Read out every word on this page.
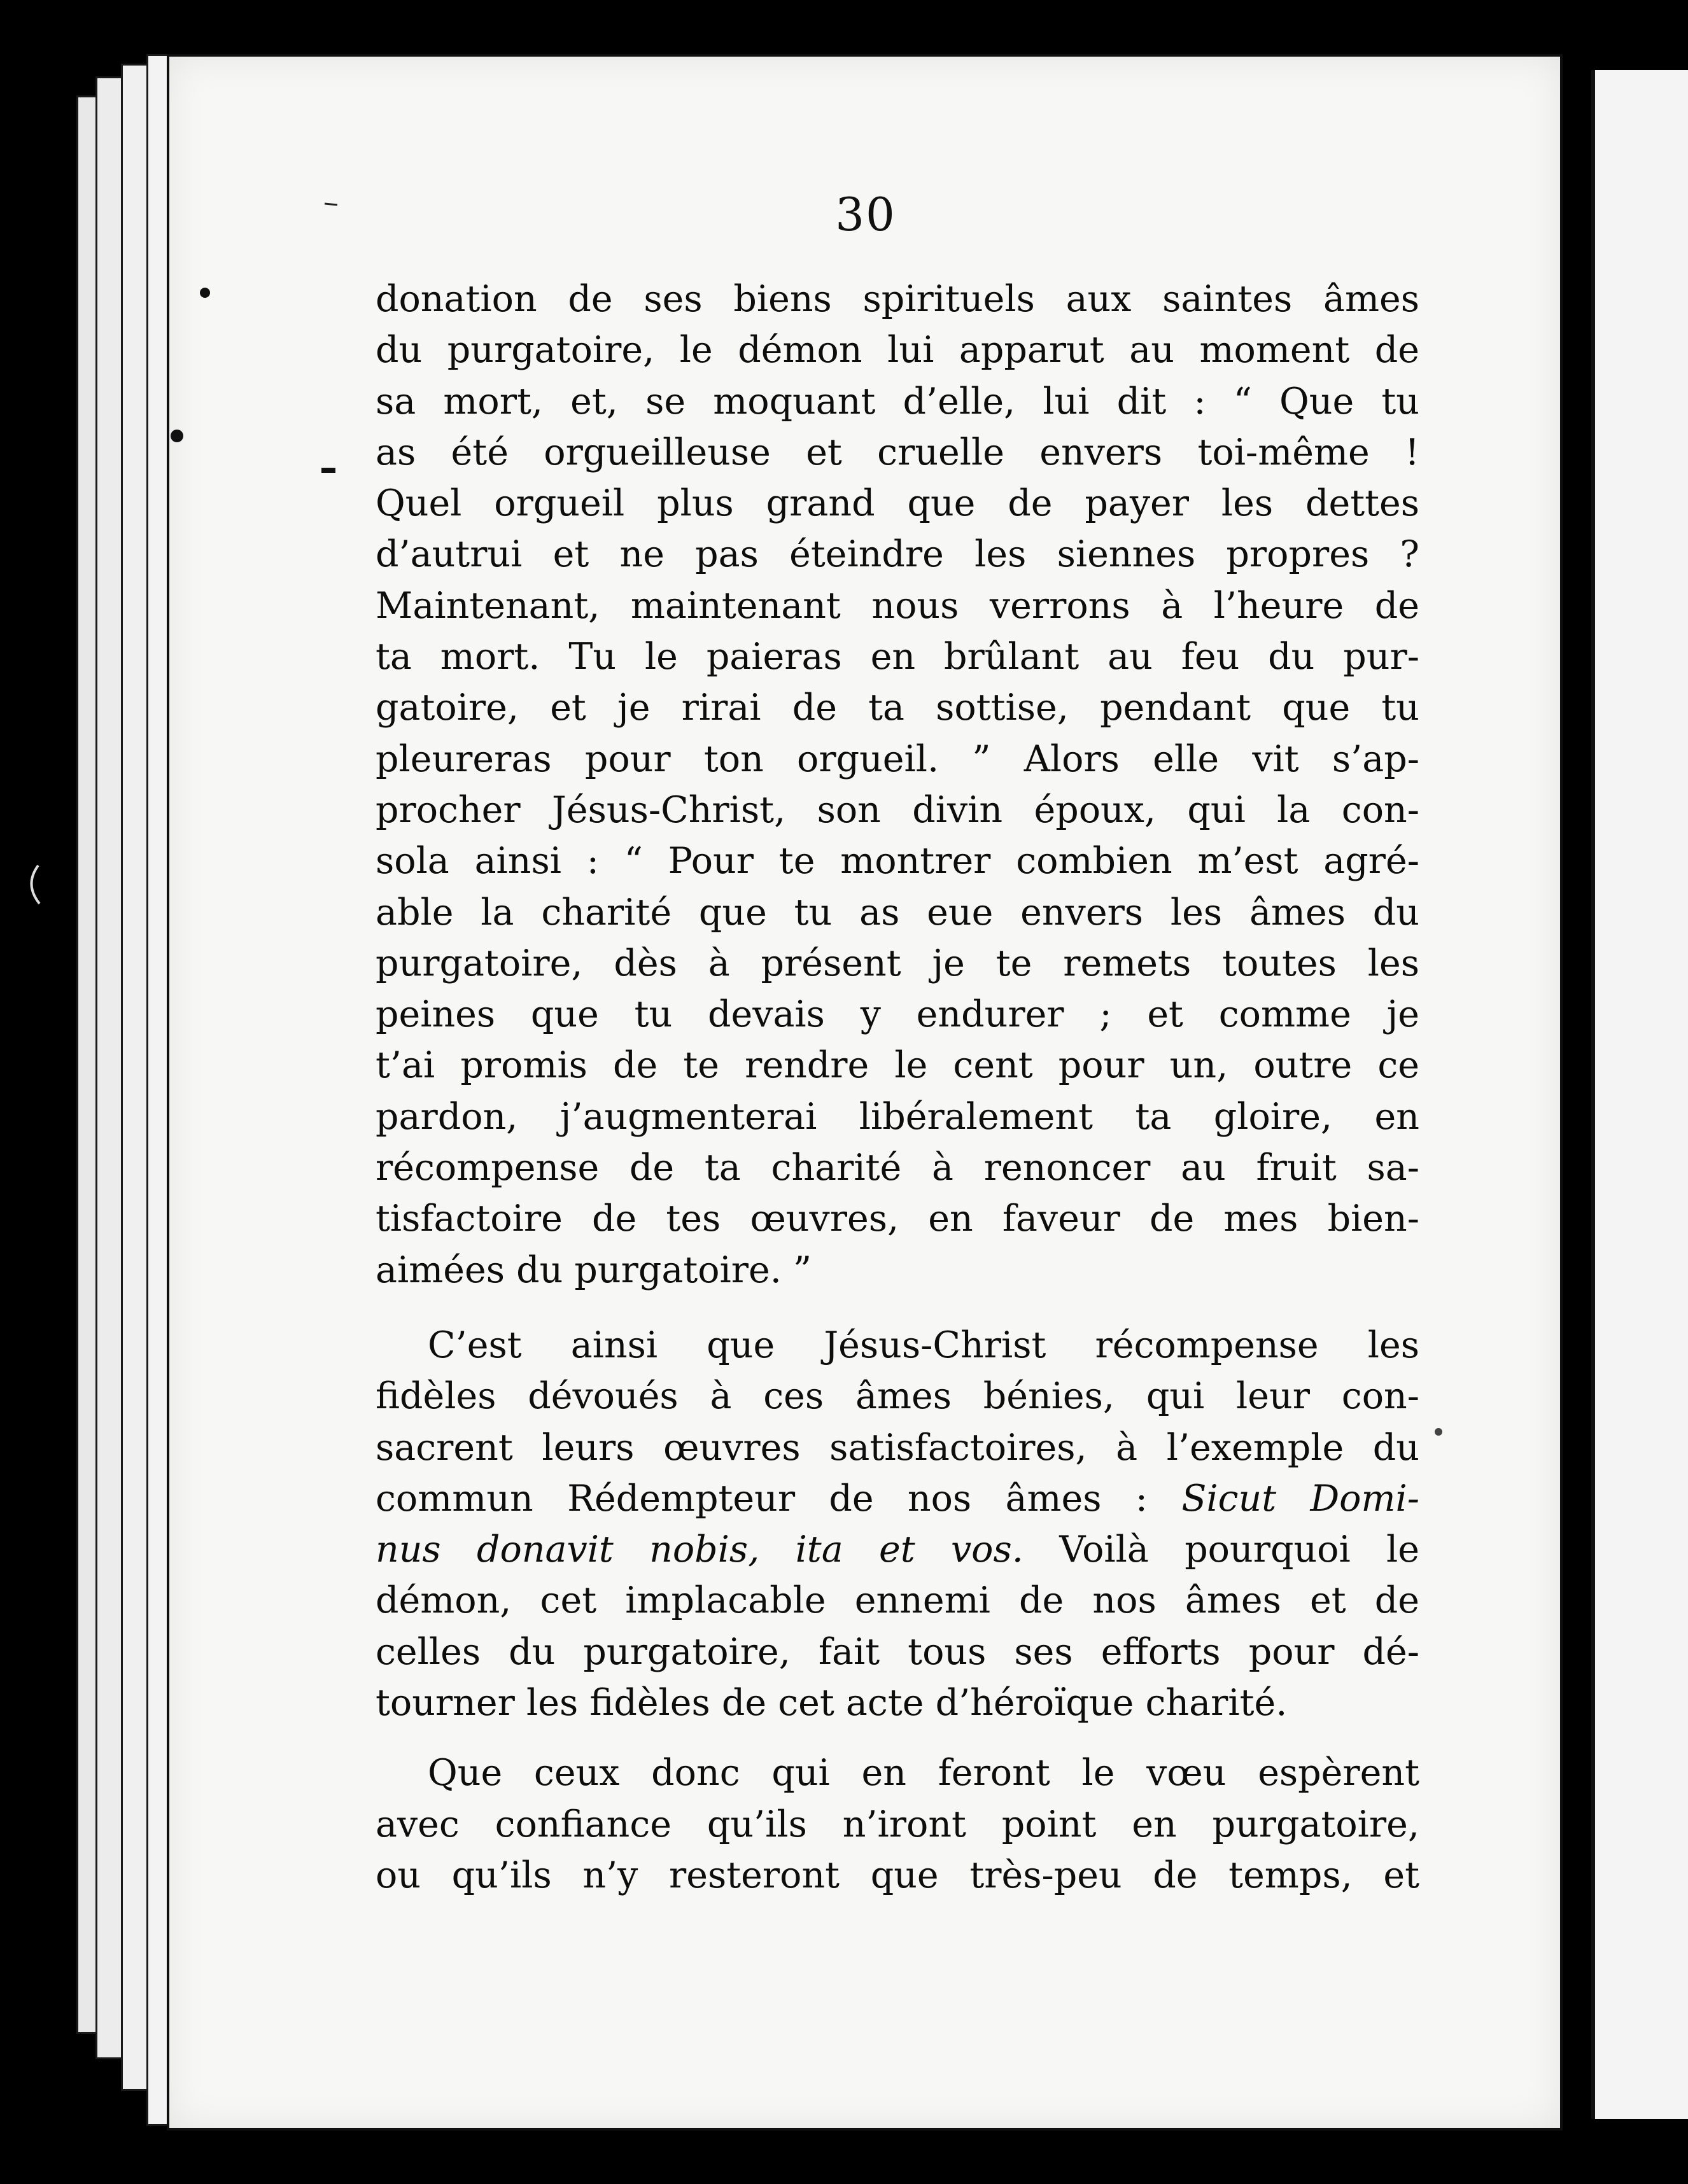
30
donation de ses biens spirituels aux saintes âmes
du purgatoire, le démon lui apparut au moment de
sa mort, et, se moquant d’elle, lui dit : “ Que tu
as été orgueilleuse et cruelle envers toi-même !
Quel orgueil plus grand que de payer les dettes
d’autrui et ne pas éteindre les siennes propres ?
Maintenant, maintenant nous verrons à l’heure de
ta mort. Tu le paieras en brûlant au feu du pur-
gatoire, et je rirai de ta sottise, pendant que tu
pleureras pour ton orgueil. ” Alors elle vit s’ap-
procher Jésus-Christ, son divin époux, qui la con-
sola ainsi : “ Pour te montrer combien m’est agré-
able la charité que tu as eue envers les âmes du
purgatoire, dès à présent je te remets toutes les
peines que tu devais y endurer ; et comme je
t’ai promis de te rendre le cent pour un, outre ce
pardon, j’augmenterai libéralement ta gloire, en
récompense de ta charité à renoncer au fruit sa-
tisfactoire de tes œuvres, en faveur de mes bien-
aimées du purgatoire. ”
C’est ainsi que Jésus-Christ récompense les
fidèles dévoués à ces âmes bénies, qui leur con-
sacrent leurs œuvres satisfactoires, à l’exemple du
commun Rédempteur de nos âmes : Sicut Domi-
nus donavit nobis, ita et vos. Voilà pourquoi le
démon, cet implacable ennemi de nos âmes et de
celles du purgatoire, fait tous ses efforts pour dé-
tourner les fidèles de cet acte d’héroïque charité.
Que ceux donc qui en feront le vœu espèrent
avec confiance qu’ils n’iront point en purgatoire,
ou qu’ils n’y resteront que très-peu de temps, et
